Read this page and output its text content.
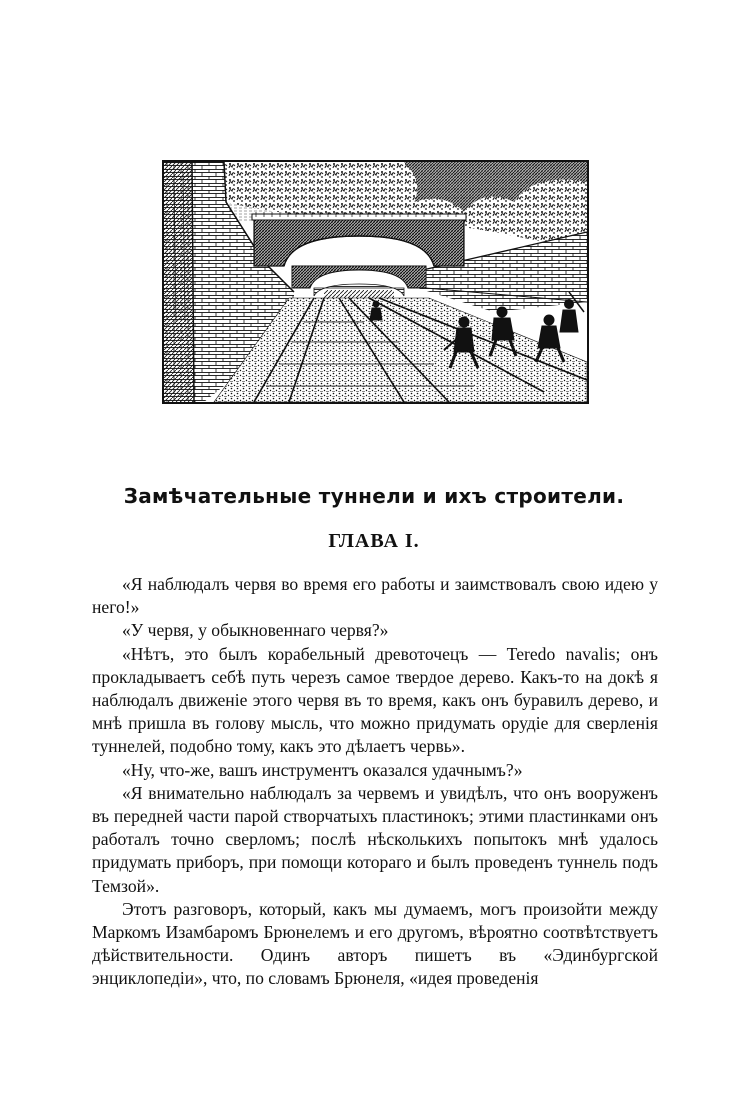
Замѣчательные туннели и ихъ строители.
ГЛАВА I.

«Я наблюдалъ червя во время его работы и заимствовалъ свою идею у него!»

«У червя, у обыкновеннаго червя?»

«Нѣтъ, это былъ корабельный древоточецъ — Teredo navalis; онъ прокладываетъ себѣ путь черезъ самое твердое дерево. Какъ-то на докѣ я наблюдалъ движеніе этого червя въ то время, какъ онъ буравилъ дерево, и мнѣ пришла въ голову мысль, что можно придумать орудіе для сверленія туннелей, подобно тому, какъ это дѣлаетъ червь».

«Ну, что-же, вашъ инструментъ оказался удачнымъ?»

«Я внимательно наблюдалъ за червемъ и увидѣлъ, что онъ вооруженъ въ передней части парой створчатыхъ пластинокъ; этими пластинками онъ работалъ точно сверломъ; послѣ нѣсколькихъ попытокъ мнѣ удалось придумать приборъ, при помощи котораго и былъ проведенъ туннель подъ Темзой».

Этотъ разговоръ, который, какъ мы думаемъ, могъ произойти между Маркомъ Изамбаромъ Брюнелемъ и его другомъ, вѣроятно соотвѣтствуетъ дѣйствительности. Одинъ авторъ пишетъ въ «Эдинбургской энциклопедіи», что, по словамъ Брюнеля, «идея проведенія
